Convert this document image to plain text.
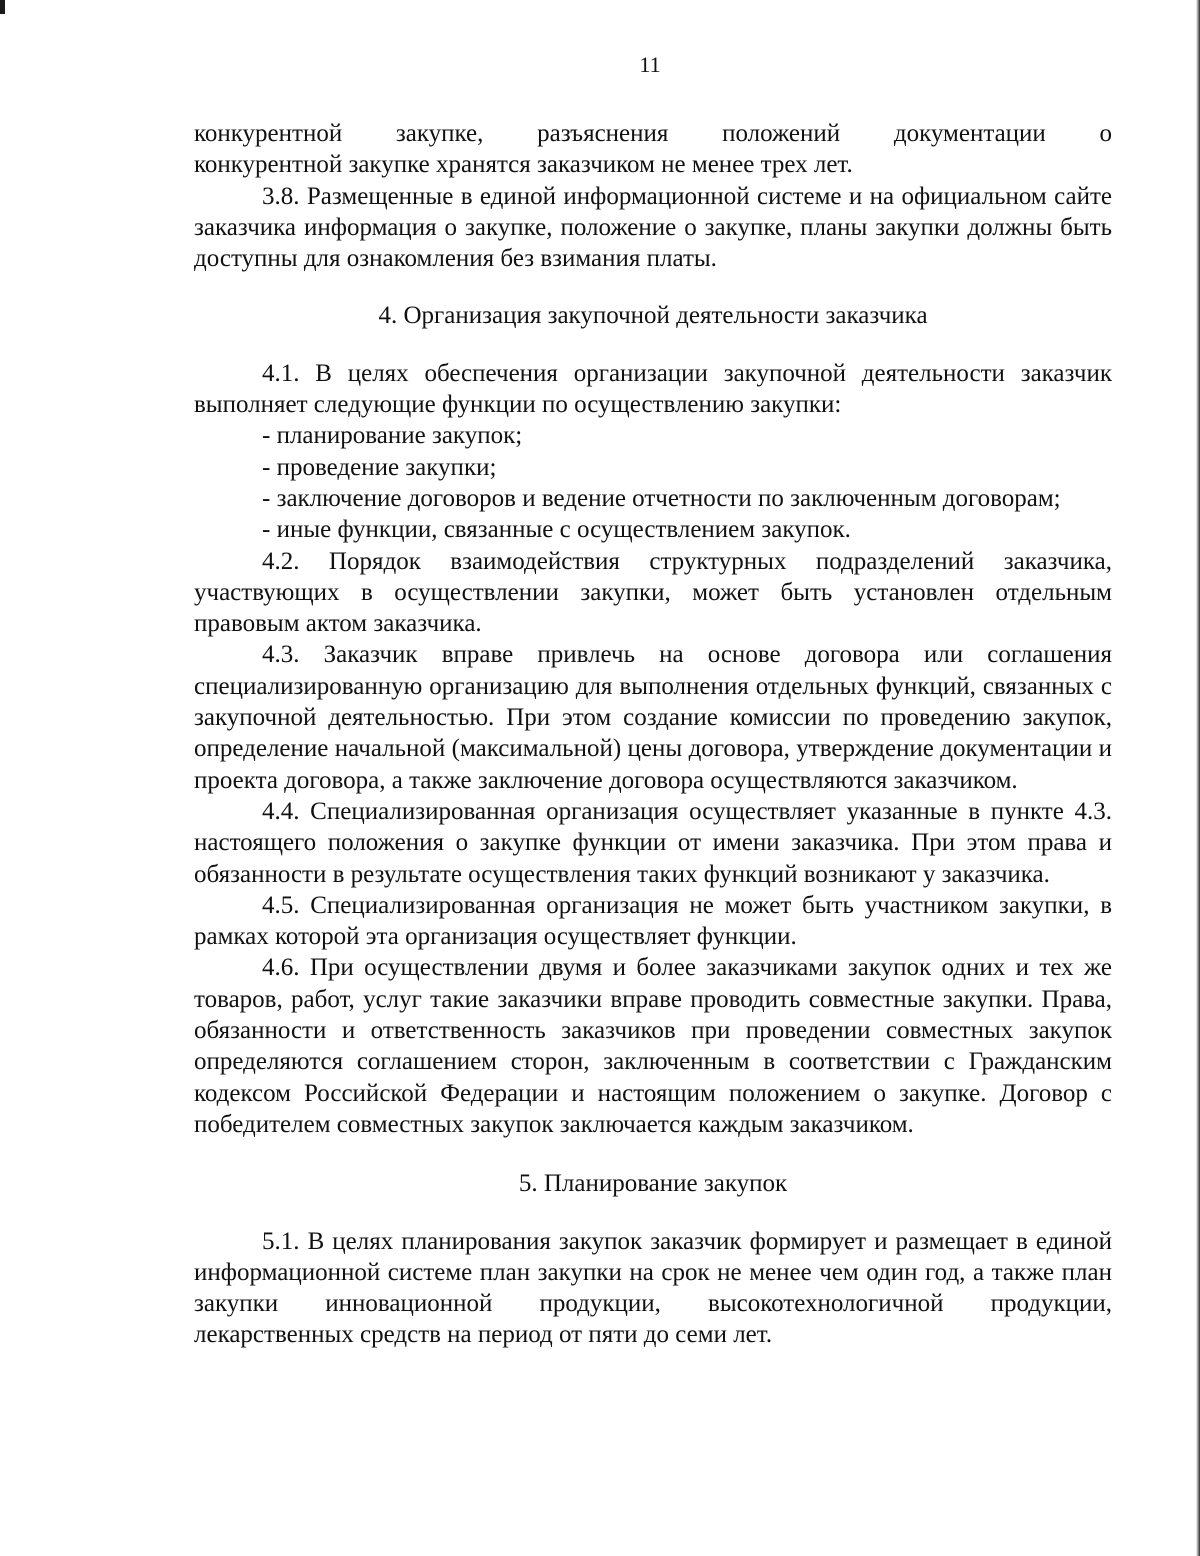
11

конкурентной закупке, разъяснения положений документации о

конкурентной закупке хранятся заказчиком не менее трех лет.

3.8. Размещенные в единой информационной системе и на официальном сайте заказчика информация о закупке, положение о закупке, планы закупки должны быть доступны для ознакомления без взимания платы.

4. Организация закупочной деятельности заказчика

4.1. В целях обеспечения организации закупочной деятельности заказчик выполняет следующие функции по осуществлению закупки:

- планирование закупок;

- проведение закупки;

- заключение договоров и ведение отчетности по заключенным договорам;

- иные функции, связанные с осуществлением закупок.

4.2. Порядок взаимодействия структурных подразделений заказчика, участвующих в осуществлении закупки, может быть установлен отдельным правовым актом заказчика.

4.3. Заказчик вправе привлечь на основе договора или соглашения специализированную организацию для выполнения отдельных функций, связанных с закупочной деятельностью. При этом создание комиссии по проведению закупок, определение начальной (максимальной) цены договора, утверждение документации и проекта договора, а также заключение договора осуществляются заказчиком.

4.4. Специализированная организация осуществляет указанные в пункте 4.3. настоящего положения о закупке функции от имени заказчика. При этом права и обязанности в результате осуществления таких функций возникают у заказчика.

4.5. Специализированная организация не может быть участником закупки, в рамках которой эта организация осуществляет функции.

4.6. При осуществлении двумя и более заказчиками закупок одних и тех же товаров, работ, услуг такие заказчики вправе проводить совместные закупки. Права, обязанности и ответственность заказчиков при проведении совместных закупок определяются соглашением сторон, заключенным в соответствии с Гражданским кодексом Российской Федерации и настоящим положением о закупке. Договор с победителем совместных закупок заключается каждым заказчиком.

5. Планирование закупок

5.1. В целях планирования закупок заказчик формирует и размещает в единой информационной системе план закупки на срок не менее чем один год, а также план закупки инновационной продукции, высокотехнологичной продукции, лекарственных средств на период от пяти до семи лет.
